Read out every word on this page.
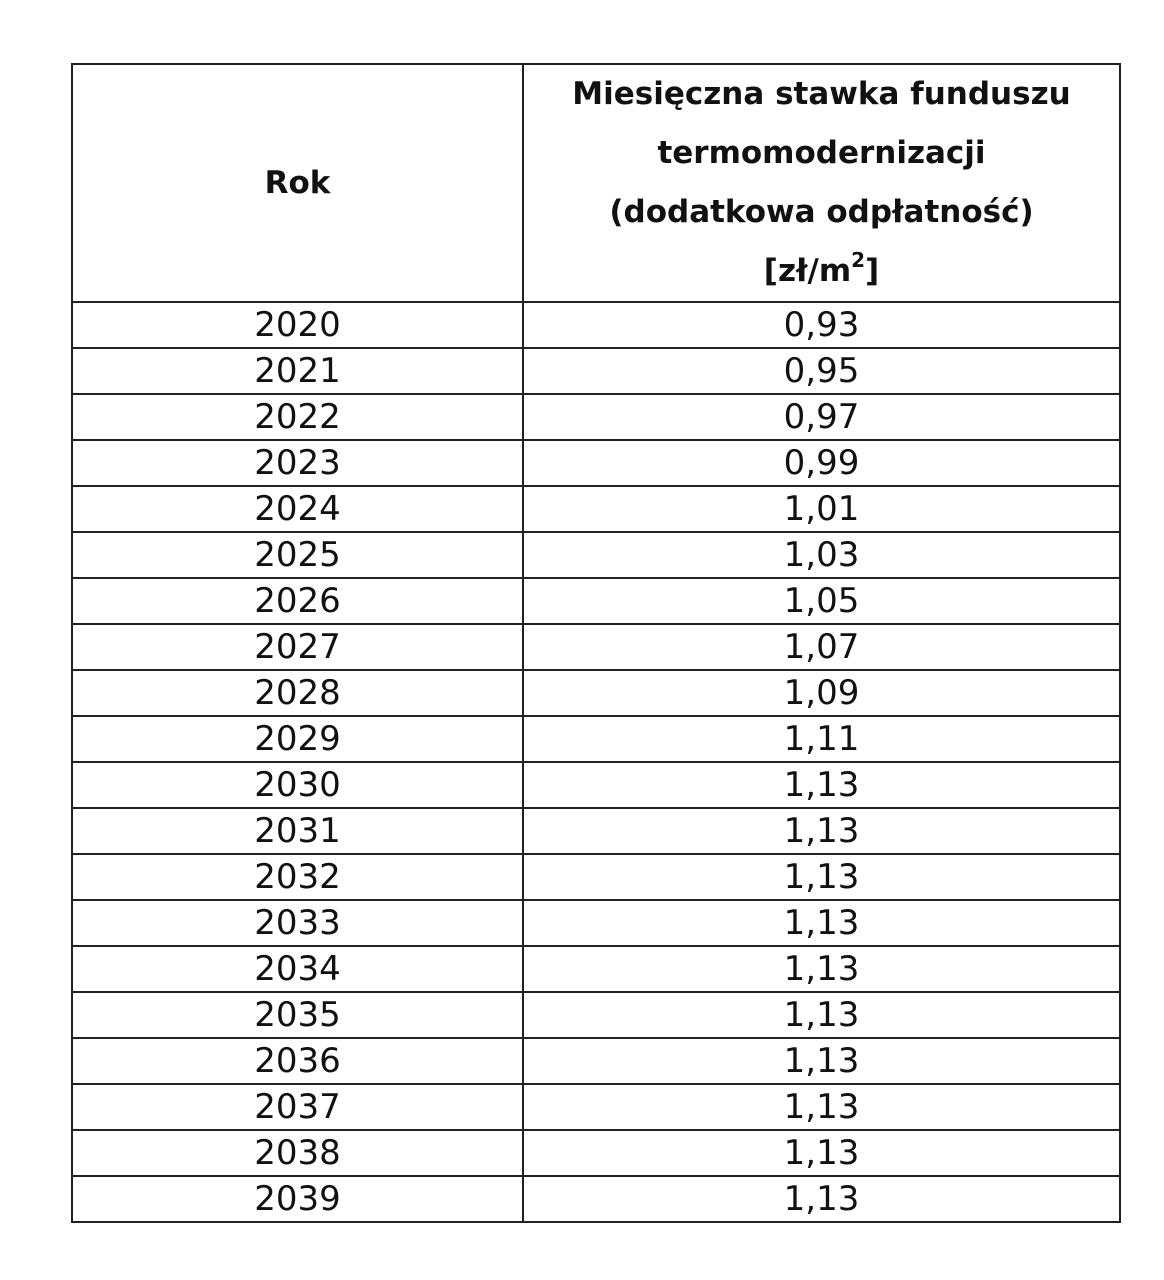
Rok	Miesięczna stawka funduszu
termomodernizacji
(dodatkowa odpłatność)
$[zł/m^2]$

2020	0,93
2021	0,95
2022	0,97
2023	0,99
2024	1,01
2025	1,03
2026	1,05
2027	1,07
2028	1,09
2029	1,11
2030	1,13
2031	1,13
2032	1,13
2033	1,13
2034	1,13
2035	1,13
2036	1,13
2037	1,13
2038	1,13
2039	1,13
